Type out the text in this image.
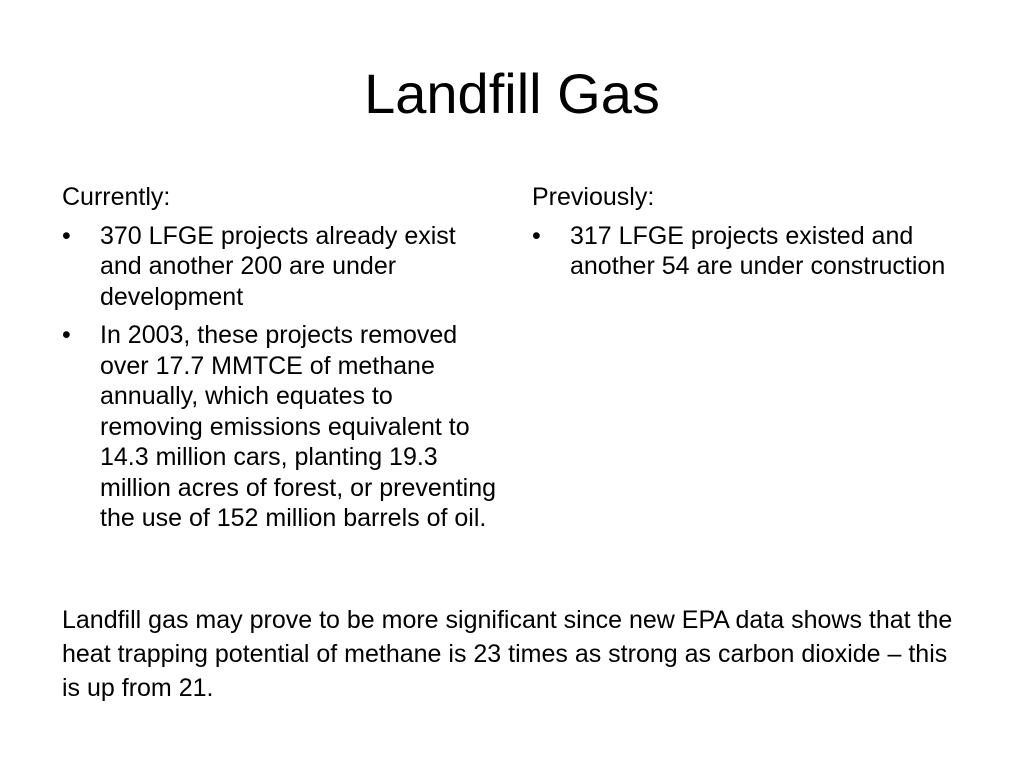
Landfill Gas
Currently:
• 370 LFGE projects already exist and another 200 are under development
• In 2003, these projects removed over 17.7 MMTCE of methane annually, which equates to removing emissions equivalent to 14.3 million cars, planting 19.3 million acres of forest, or preventing the use of 152 million barrels of oil.
Previously:
• 317 LFGE projects existed and another 54 are under construction

Landfill gas may prove to be more significant since new EPA data shows that the heat trapping potential of methane is 23 times as strong as carbon dioxide – this is up from 21.
